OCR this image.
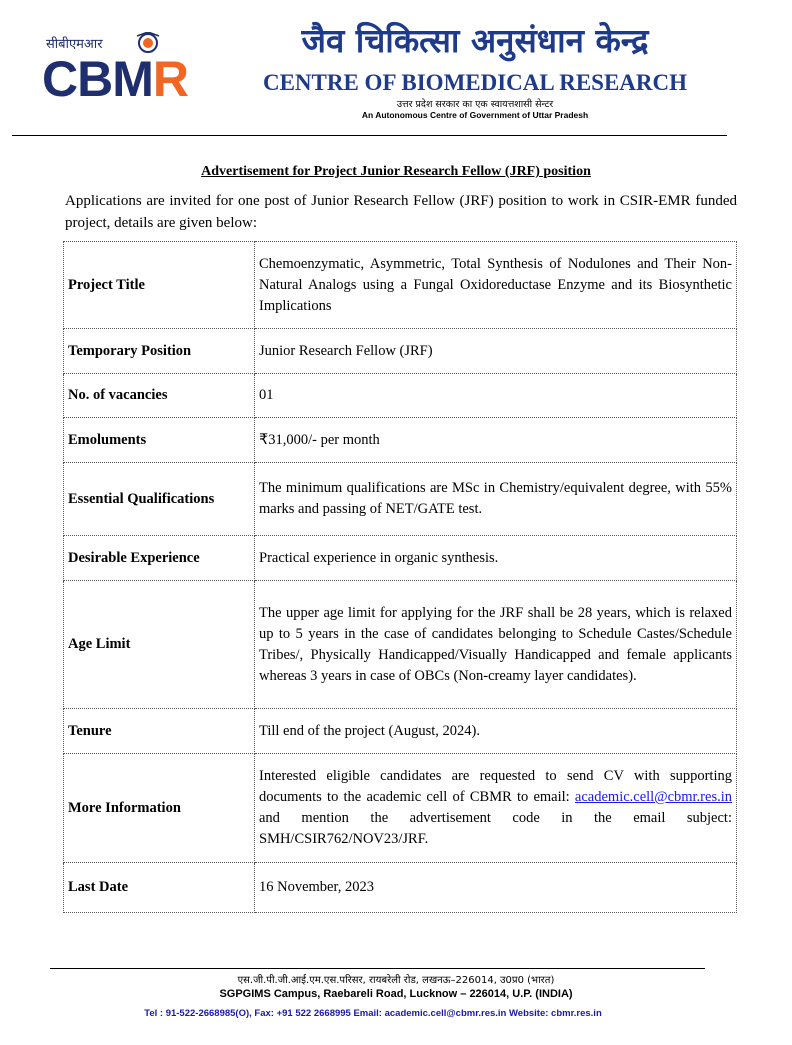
सीबीएमआर
CBMR
जैव चिकित्सा अनुसंधान केन्द्र
CENTRE OF BIOMEDICAL RESEARCH
उत्तर प्रदेश सरकार का एक स्वायत्तशासी सेन्टर
An Autonomous Centre of Government of Uttar Pradesh
Advertisement for Project Junior Research Fellow (JRF) position
Applications are invited for one post of Junior Research Fellow (JRF) position to work in CSIR-EMR funded project, details are given below:
Project Title	Chemoenzymatic, Asymmetric, Total Synthesis of Nodulones and Their Non-Natural Analogs using a Fungal Oxidoreductase Enzyme and its Biosynthetic Implications
Temporary Position	Junior Research Fellow (JRF)
No. of vacancies	01
Emoluments	₹31,000/- per month
Essential Qualifications	The minimum qualifications are MSc in Chemistry/equivalent degree, with 55% marks and passing of NET/GATE test.
Desirable Experience	Practical experience in organic synthesis.
Age Limit	The upper age limit for applying for the JRF shall be 28 years, which is relaxed up to 5 years in the case of candidates belonging to Schedule Castes/Schedule Tribes/, Physically Handicapped/Visually Handicapped and female applicants whereas 3 years in case of OBCs (Non-creamy layer candidates).
Tenure	Till end of the project (August, 2024).
More Information	Interested eligible candidates are requested to send CV with supporting documents to the academic cell of CBMR to email: academic.cell@cbmr.res.in and mention the advertisement code in the email subject: SMH/CSIR762/NOV23/JRF.
Last Date	16 November, 2023
एस.जी.पी.जी.आई.एम.एस.परिसर, रायबरेली रोड, लखनऊ–226014, उ0प्र0 (भारत)
SGPGIMS Campus, Raebareli Road, Lucknow – 226014, U.P. (INDIA)
Tel : 91-522-2668985(O), Fax: +91 522 2668995 Email: academic.cell@cbmr.res.in Website: cbmr.res.in
